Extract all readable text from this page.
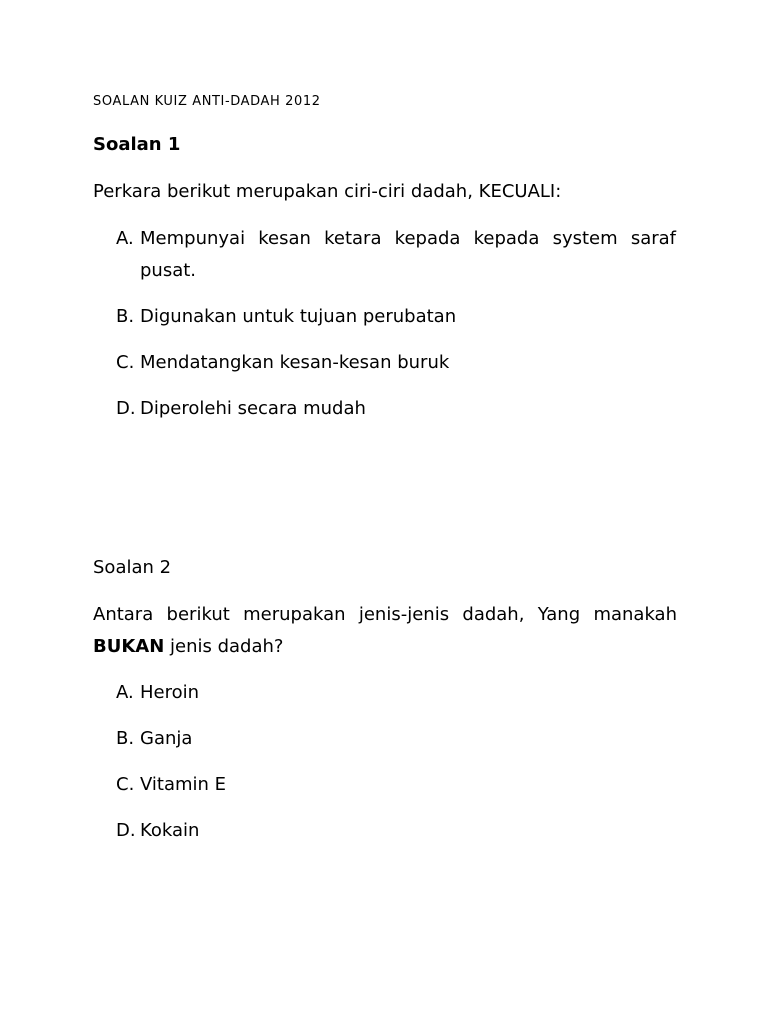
SOALAN KUIZ ANTI-DADAH 2012
Soalan 1
Perkara berikut merupakan ciri-ciri dadah, KECUALI:
A. Mempunyai kesan ketara kepada kepada system saraf pusat.
B. Digunakan untuk tujuan perubatan
C. Mendatangkan kesan-kesan buruk
D. Diperolehi secara mudah
Soalan 2
Antara berikut merupakan jenis-jenis dadah, Yang manakah BUKAN jenis dadah?
A. Heroin
B. Ganja
C. Vitamin E
D. Kokain
